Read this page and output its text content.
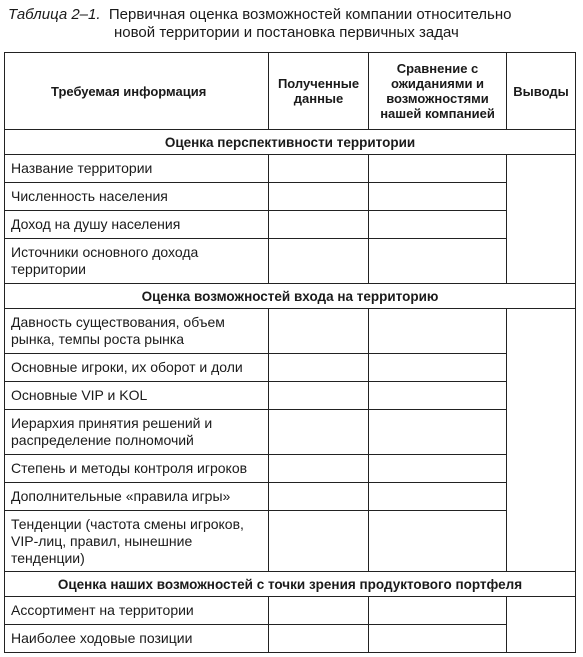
Таблица 2–1. Первичная оценка возможностей компании относительно
новой территории и постановка первичных задач
Требуемая информация	Полученные данные	Сравнение с ожиданиями и возможностями нашей компанией	Выводы
Оценка перспективности территории			
Название территории			
Численность населения			
Доход на душу населения			
Источники основного дохода территории			
Оценка возможностей входа на территорию			
Давность существования, объем рынка, темпы роста рынка			
Основные игроки, их оборот и доли			
Основные VIP и KOL			
Иерархия принятия решений и распределение полномочий			
Степень и методы контроля игроков			
Дополнительные «правила игры»			
Тенденции (частота смены игроков, VIP-лиц, правил, нынешние тенденции)			
Оценка наших возможностей с точки зрения продуктового портфеля			
Ассортимент на территории			
Наиболее ходовые позиции			
